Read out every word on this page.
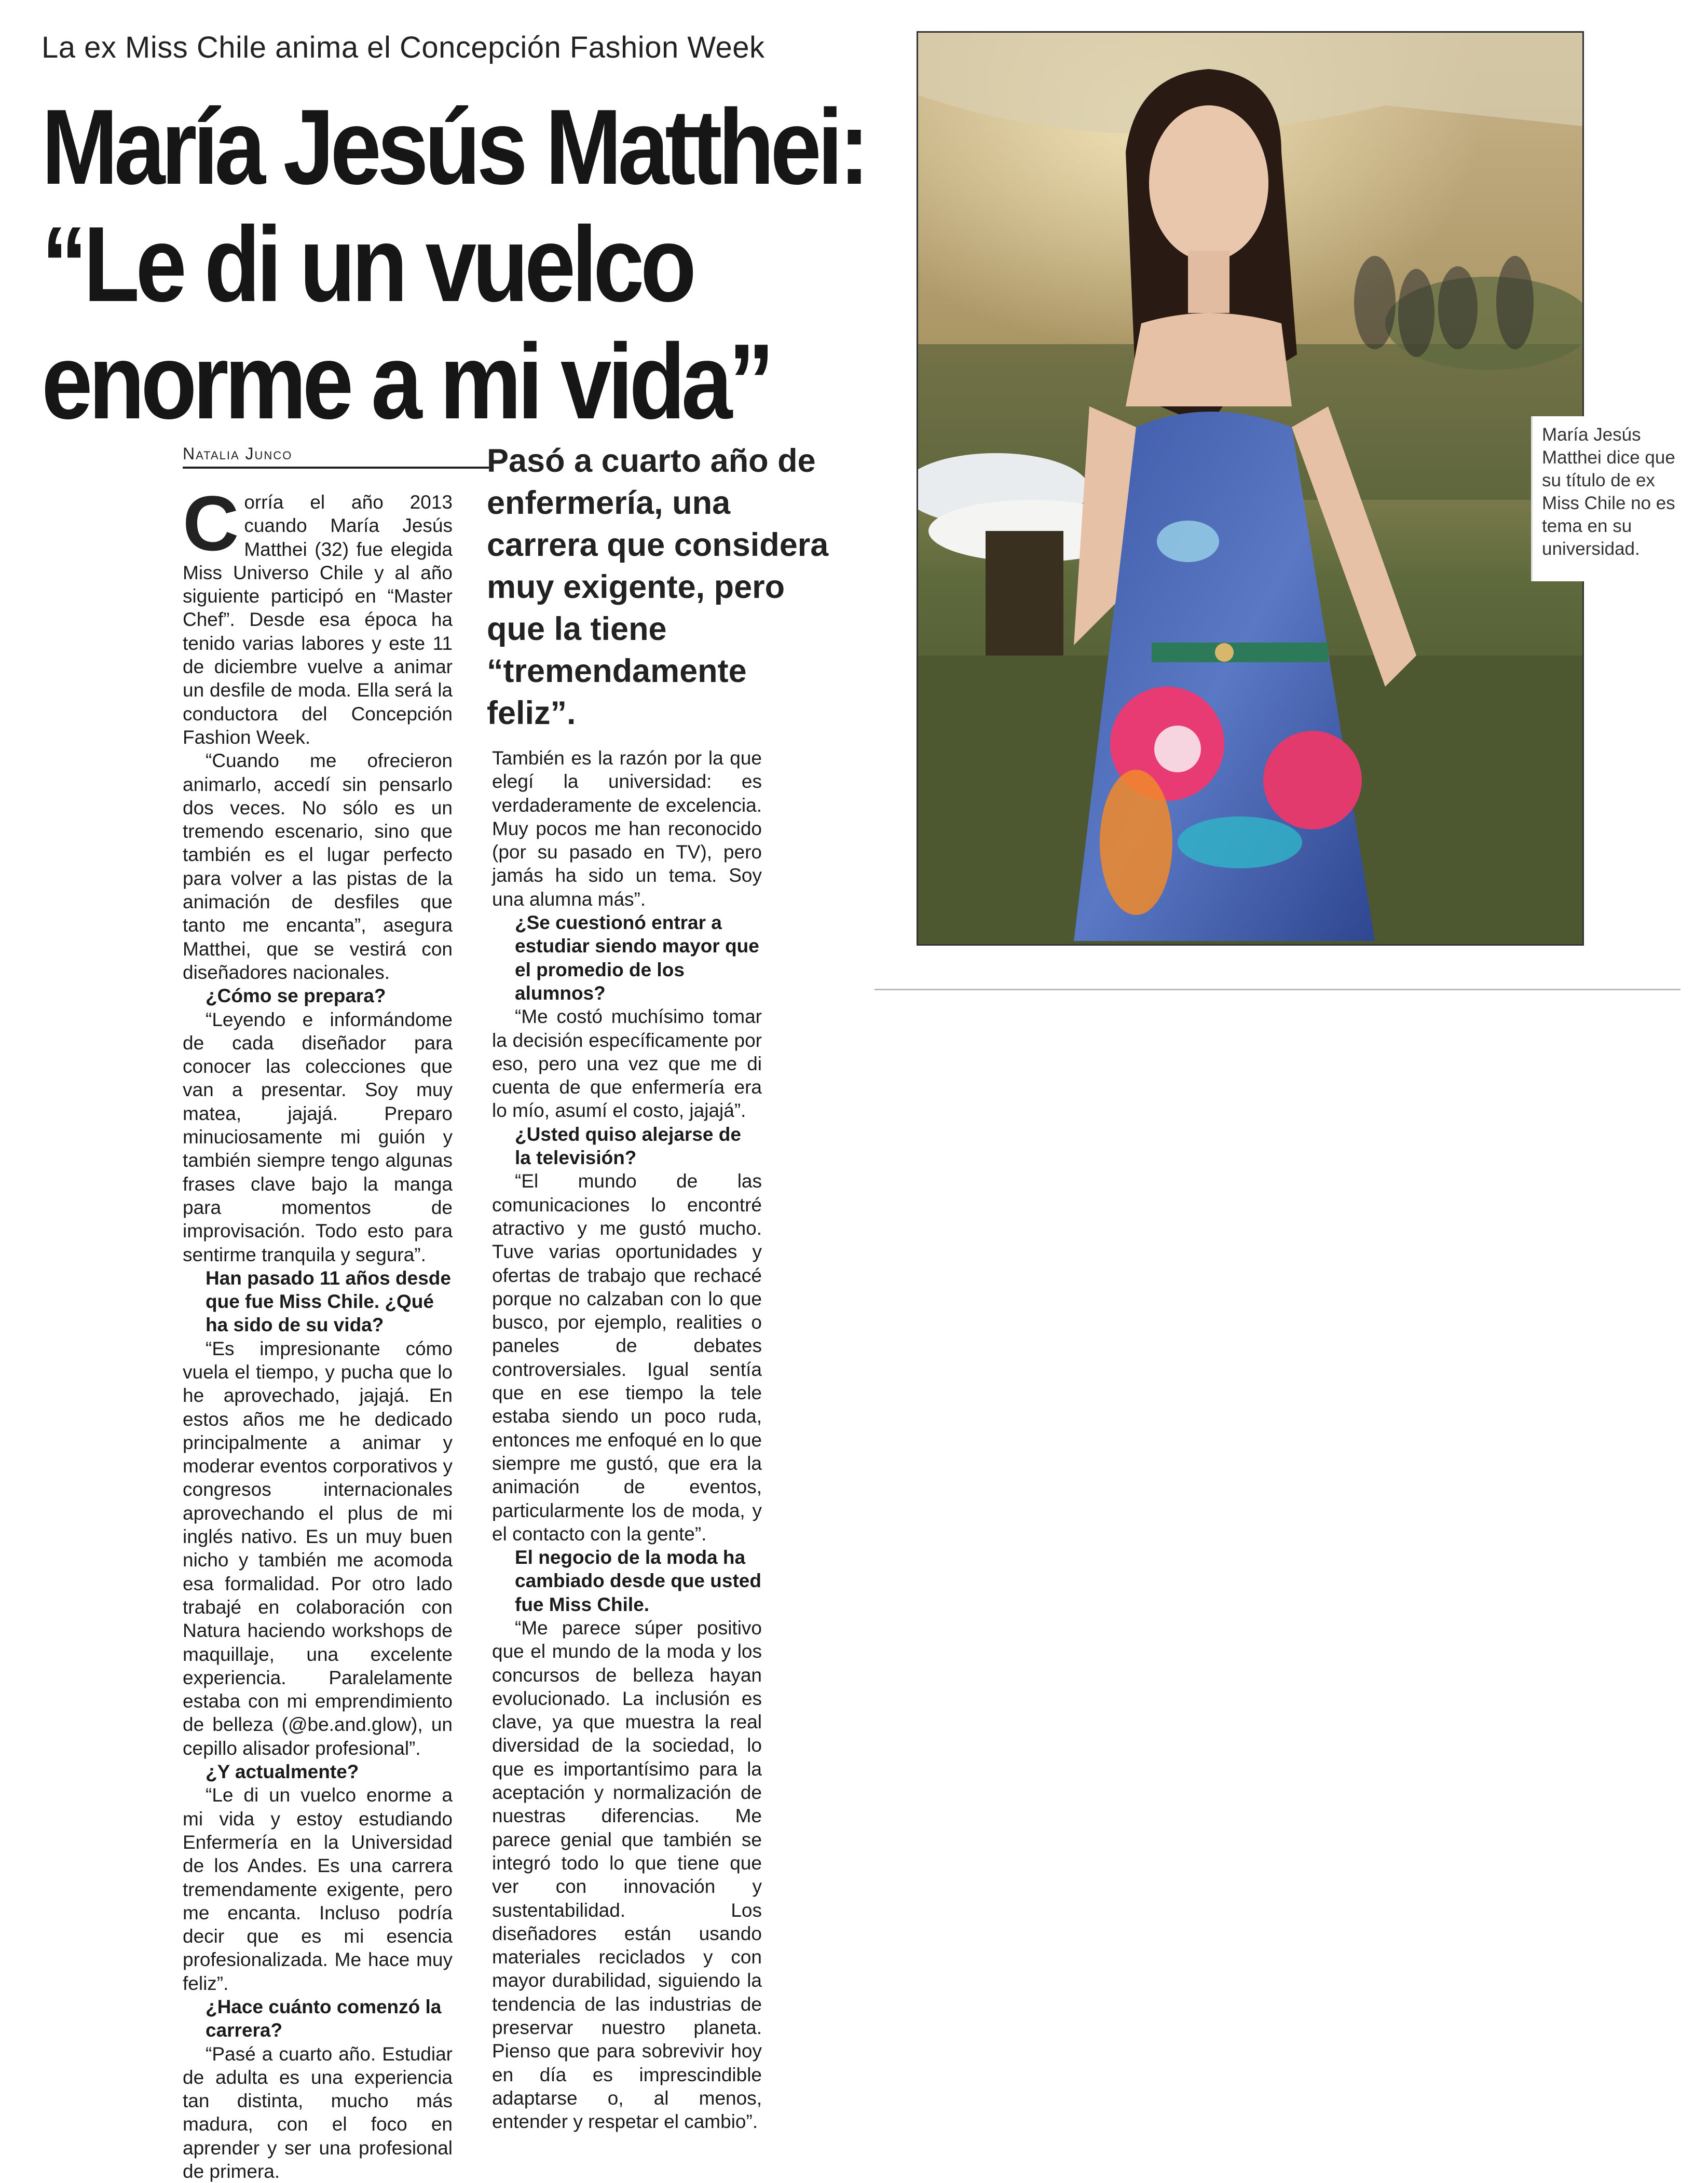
La ex Miss Chile anima el Concepción Fashion Week
María Jesús Matthei:
“Le di un vuelco
enorme a mi vida”
Natalia Junco

Corría el año 2013 cuando María Jesús Matthei (32) fue elegida Miss Universo Chile y al año siguiente participó en “Master Chef”. Desde esa época ha tenido varias labores y este 11 de diciembre vuelve a animar un desfile de moda. Ella será la conductora del Concepción Fashion Week.

“Cuando me ofrecieron animarlo, accedí sin pensarlo dos veces. No sólo es un tremendo escenario, sino que también es el lugar perfecto para volver a las pistas de la animación de desfiles que tanto me encanta”, asegura Matthei, que se vestirá con diseñadores nacionales.

¿Cómo se prepara?

“Leyendo e informándome de cada diseñador para conocer las colecciones que van a presentar. Soy muy matea, jajajá. Preparo minuciosamente mi guión y también siempre tengo algunas frases clave bajo la manga para momentos de improvisación. Todo esto para sentirme tranquila y segura”.

Han pasado 11 años desde que fue Miss Chile. ¿Qué ha sido de su vida?

“Es impresionante cómo vuela el tiempo, y pucha que lo he aprovechado, jajajá. En estos años me he dedicado principalmente a animar y moderar eventos corporativos y congresos internacionales aprovechando el plus de mi inglés nativo. Es un muy buen nicho y también me acomoda esa formalidad. Por otro lado trabajé en colaboración con Natura haciendo workshops de maquillaje, una excelente experiencia. Paralelamente estaba con mi emprendimiento de belleza (@be.and.glow), un cepillo alisador profesional”.

¿Y actualmente?

“Le di un vuelco enorme a mi vida y estoy estudiando Enfermería en la Universidad de los Andes. Es una carrera tremendamente exigente, pero me encanta. Incluso podría decir que es mi esencia profesionalizada. Me hace muy feliz”.

¿Hace cuánto comenzó la carrera?

“Pasé a cuarto año. Estudiar de adulta es una experiencia tan distinta, mucho más madura, con el foco en aprender y ser una profesional de primera.

Pasó a cuarto año de enfermería, una carrera que considera muy exigente, pero que la tiene “tremendamente feliz”.

También es la razón por la que elegí la universidad: es verdaderamente de excelencia. Muy pocos me han reconocido (por su pasado en TV), pero jamás ha sido un tema. Soy una alumna más”.

¿Se cuestionó entrar a estudiar siendo mayor que el promedio de los alumnos?

“Me costó muchísimo tomar la decisión específicamente por eso, pero una vez que me di cuenta de que enfermería era lo mío, asumí el costo, jajajá”.

¿Usted quiso alejarse de la televisión?

“El mundo de las comunicaciones lo encontré atractivo y me gustó mucho. Tuve varias oportunidades y ofertas de trabajo que rechacé porque no calzaban con lo que busco, por ejemplo, realities o paneles de debates controversiales. Igual sentía que en ese tiempo la tele estaba siendo un poco ruda, entonces me enfoqué en lo que siempre me gustó, que era la animación de eventos, particularmente los de moda, y el contacto con la gente”.

El negocio de la moda ha cambiado desde que usted fue Miss Chile.

“Me parece súper positivo que el mundo de la moda y los concursos de belleza hayan evolucionado. La inclusión es clave, ya que muestra la real diversidad de la sociedad, lo que es importantísimo para la aceptación y normalización de nuestras diferencias. Me parece genial que también se integró todo lo que tiene que ver con innovación y sustentabilidad. Los diseñadores están usando materiales reciclados y con mayor durabilidad, siguiendo la tendencia de las industrias de preservar nuestro planeta. Pienso que para sobrevivir hoy en día es imprescindible adaptarse o, al menos, entender y respetar el cambio”.

María Jesús Matthei dice que su título de ex Miss Chile no es tema en su universidad.
